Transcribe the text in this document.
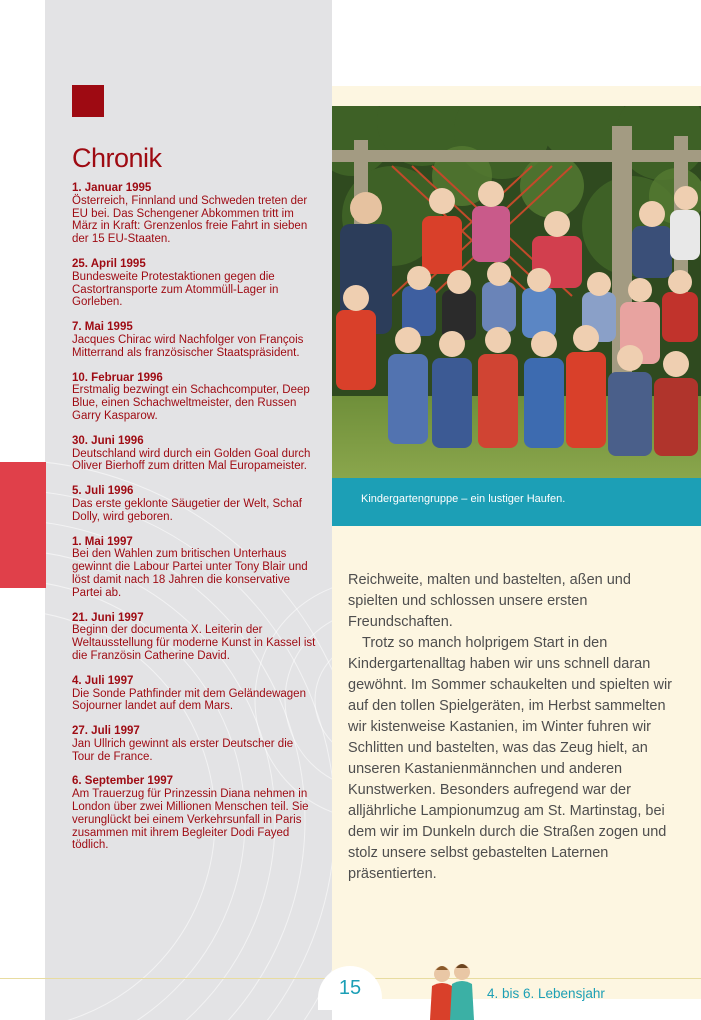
Chronik
1. Januar 1995
Österreich, Finnland und Schweden treten der EU bei. Das Schengener Abkommen tritt im März in Kraft: Grenzenlos freie Fahrt in sieben der 15 EU-Staaten.
25. April 1995
Bundesweite Protestaktionen gegen die Castortransporte zum Atommüll-Lager in Gorleben.
7. Mai 1995
Jacques Chirac wird Nachfolger von François Mitterrand als französischer Staatspräsident.
10. Februar 1996
Erstmalig bezwingt ein Schachcomputer, Deep Blue, einen Schachweltmeister, den Russen Garry Kasparow.
30. Juni 1996
Deutschland wird durch ein Golden Goal durch Oliver Bierhoff zum dritten Mal Europameister.
5. Juli 1996
Das erste geklonte Säugetier der Welt, Schaf Dolly, wird geboren.
1. Mai 1997
Bei den Wahlen zum britischen Unterhaus gewinnt die Labour Partei unter Tony Blair und löst damit nach 18 Jahren die konservative Partei ab.
21. Juni 1997
Beginn der documenta X. Leiterin der Weltausstellung für moderne Kunst in Kassel ist die Französin Catherine David.
4. Juli 1997
Die Sonde Pathfinder mit dem Geländewagen Sojourner landet auf dem Mars.
27. Juli 1997
Jan Ullrich gewinnt als erster Deutscher die Tour de France.
6. September 1997
Am Trauerzug für Prinzessin Diana nehmen in London über zwei Millionen Menschen teil. Sie verunglückt bei einem Verkehrsunfall in Paris zusammen mit ihrem Begleiter Dodi Fayed tödlich.
Kindergartengruppe – ein lustiger Haufen.

Reichweite, malten und bastelten, aßen und spielten und schlossen unsere ersten Freundschaften.

Trotz so manch holprigem Start in den Kindergartenalltag haben wir uns schnell daran gewöhnt. Im Sommer schaukelten und spielten wir auf den tollen Spielgeräten, im Herbst sammelten wir kistenweise Kastanien, im Winter fuhren wir Schlitten und bastelten, was das Zeug hielt, an unseren Kastanienmännchen und anderen Kunstwerken. Besonders aufregend war der alljährliche Lampionumzug am St. Martinstag, bei dem wir im Dunkeln durch die Straßen zogen und stolz unsere selbst gebastelten Laternen präsentierten.

15	4. bis 6. Lebensjahr
